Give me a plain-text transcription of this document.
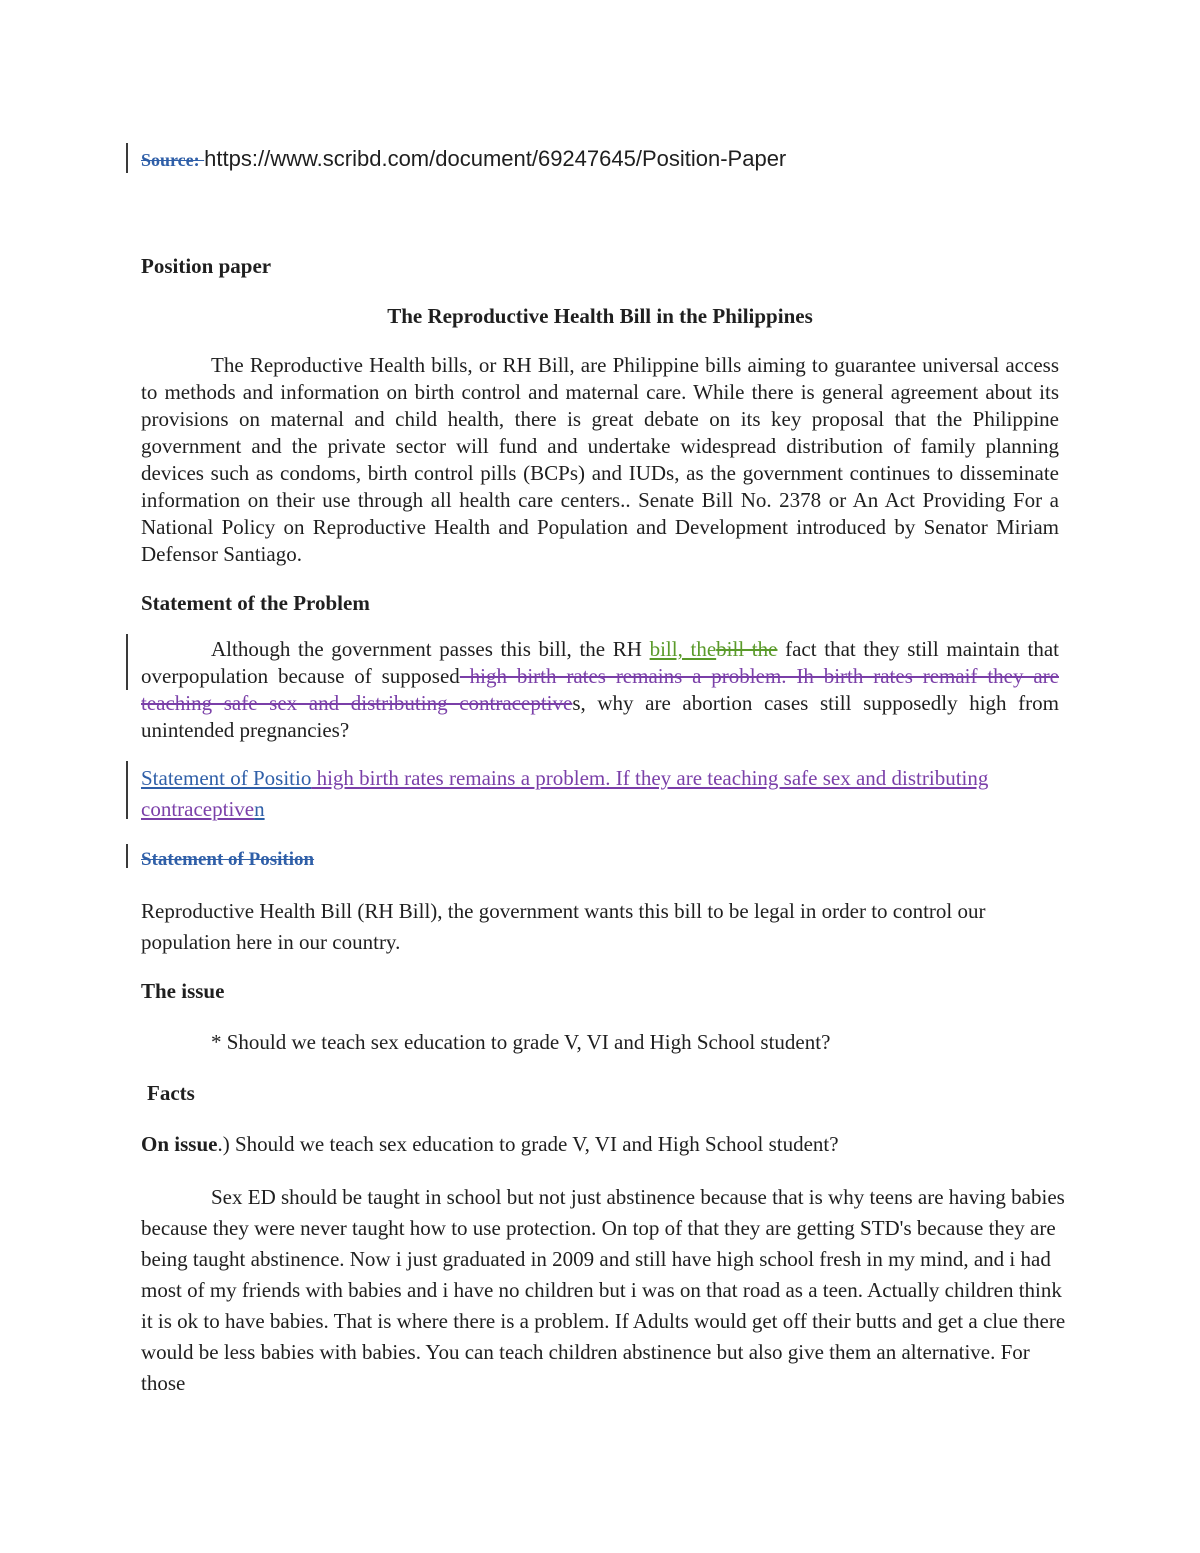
Source: https://www.scribd.com/document/69247645/Position-Paper
Position paper
The Reproductive Health Bill in the Philippines
The Reproductive Health bills, or RH Bill, are Philippine bills aiming to guarantee universal access to methods and information on birth control and maternal care. While there is general agreement about its provisions on maternal and child health, there is great debate on its key proposal that the Philippine government and the private sector will fund and undertake widespread distribution of family planning devices such as condoms, birth control pills (BCPs) and IUDs, as the government continues to disseminate information on their use through all health care centers.. Senate Bill No. 2378 or An Act Providing For a National Policy on Reproductive Health and Population and Development introduced by Senator Miriam Defensor Santiago.
Statement of the Problem
Although the government passes this bill, the RH bill, thebill the fact that they still maintain that overpopulation because of supposed high birth rates remains a problem. Ih birth rates remaif they are teaching safe sex and distributing contraceptives, why are abortion cases still supposedly high from unintended pregnancies?
Statement of Positio high birth rates remains a problem. If they are teaching safe sex and distributing contraceptiven
Statement of Position
Reproductive Health Bill (RH Bill), the government wants this bill to be legal in order to control our population here in our country.
The issue
* Should we teach sex education to grade V, VI and High School student?
Facts
On issue.) Should we teach sex education to grade V, VI and High School student?
Sex ED should be taught in school but not just abstinence because that is why teens are having babies because they were never taught how to use protection. On top of that they are getting STD's because they are being taught abstinence. Now i just graduated in 2009 and still have high school fresh in my mind, and i had most of my friends with babies and i have no children but i was on that road as a teen. Actually children think it is ok to have babies. That is where there is a problem. If Adults would get off their butts and get a clue there would be less babies with babies. You can teach children abstinence but also give them an alternative. For those
